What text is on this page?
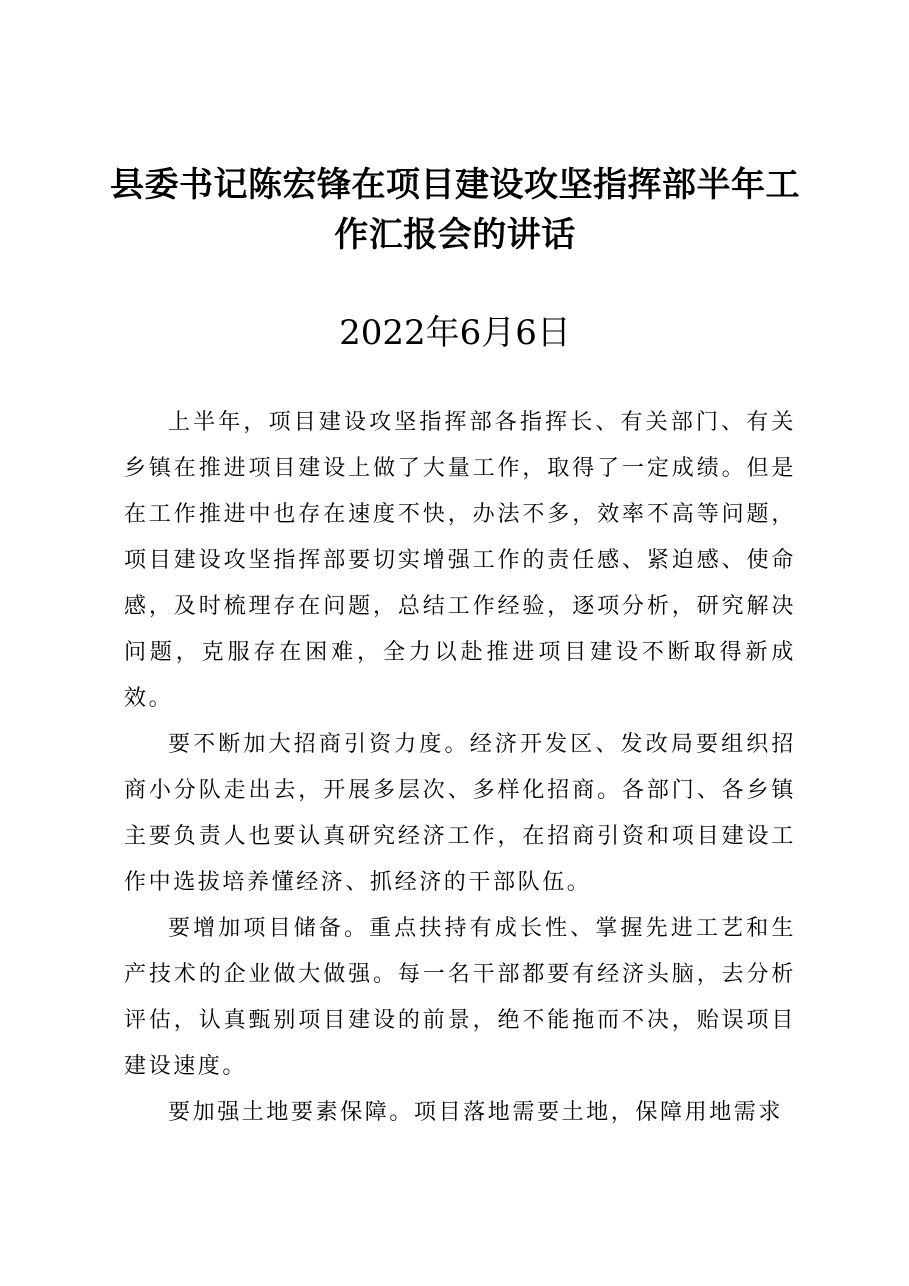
县委书记陈宏锋在项目建设攻坚指挥部半年工作汇报会的讲话
2022年6月6日

上半年，项目建设攻坚指挥部各指挥长、有关部门、有关乡镇在推进项目建设上做了大量工作，取得了一定成绩。但是在工作推进中也存在速度不快，办法不多，效率不高等问题，项目建设攻坚指挥部要切实增强工作的责任感、紧迫感、使命感，及时梳理存在问题，总结工作经验，逐项分析，研究解决问题，克服存在困难，全力以赴推进项目建设不断取得新成效。

要不断加大招商引资力度。经济开发区、发改局要组织招商小分队走出去，开展多层次、多样化招商。各部门、各乡镇主要负责人也要认真研究经济工作，在招商引资和项目建设工作中选拔培养懂经济、抓经济的干部队伍。

要增加项目储备。重点扶持有成长性、掌握先进工艺和生产技术的企业做大做强。每一名干部都要有经济头脑，去分析评估，认真甄别项目建设的前景，绝不能拖而不决，贻误项目建设速度。

要加强土地要素保障。项目落地需要土地，保障用地需求
